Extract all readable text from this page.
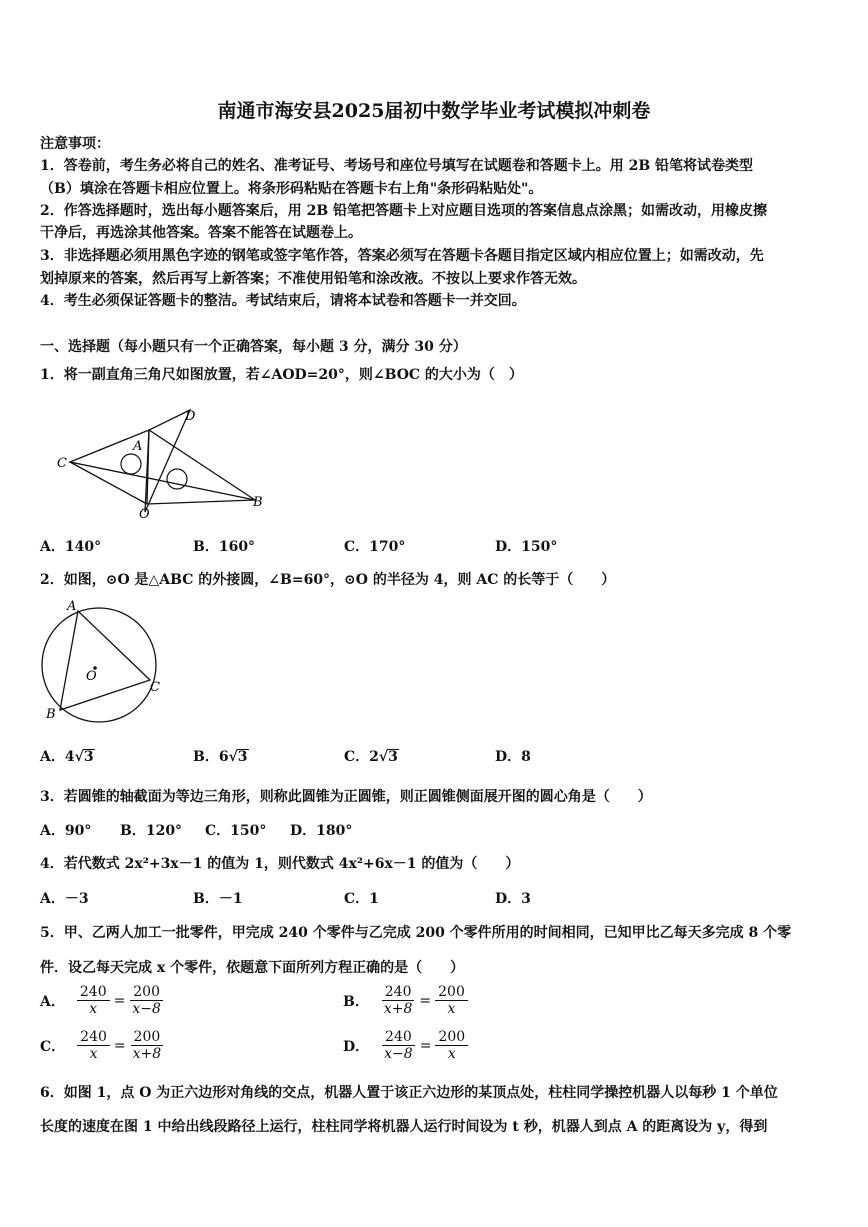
南通市海安县2025届初中数学毕业考试模拟冲刺卷
注意事项：
1．答卷前，考生务必将自己的姓名、准考证号、考场号和座位号填写在试题卷和答题卡上。用 2B 铅笔将试卷类型
（B）填涂在答题卡相应位置上。将条形码粘贴在答题卡右上角"条形码粘贴处"。
2．作答选择题时，选出每小题答案后，用 2B 铅笔把答题卡上对应题目选项的答案信息点涂黑；如需改动，用橡皮擦
干净后，再选涂其他答案。答案不能答在试题卷上。
3．非选择题必须用黑色字迹的钢笔或签字笔作答，答案必须写在答题卡各题目指定区域内相应位置上；如需改动，先
划掉原来的答案，然后再写上新答案；不准使用铅笔和涂改液。不按以上要求作答无效。
4．考生必须保证答题卡的整洁。考试结束后，请将本试卷和答题卡一并交回。
一、选择题（每小题只有一个正确答案，每小题 3 分，满分 30 分）
1．将一副直角三角尺如图放置，若∠AOD=20°，则∠BOC 的大小为（　）
C
A
D
B
O
A．140°	B．160°	C．170°	D．150°
2．如图，⊙O 是△ABC 的外接圆，∠B=60°，⊙O 的半径为 4，则 AC 的长等于（　　）
A
B
C
O
A．4√3	B．6√3	C．2√3	D．8
3．若圆锥的轴截面为等边三角形，则称此圆锥为正圆锥，则正圆锥侧面展开图的圆心角是（　　）
A．90° B．120° C．150° D．180°
4．若代数式 2x²+3x－1 的值为 1，则代数式 4x²+6x－1 的值为（　　）
A．－3	B．－1	C．1	D．3
5．甲、乙两人加工一批零件，甲完成 240 个零件与乙完成 200 个零件所用的时间相同，已知甲比乙每天多完成 8 个零
件．设乙每天完成 x 个零件，依题意下面所列方程正确的是（　　）
A． $\frac{240}{x} = \frac{200}{x-8}$	B． $\frac{240}{x+8} = \frac{200}{x}$
C． $\frac{240}{x} = \frac{200}{x+8}$	D． $\frac{240}{x-8} = \frac{200}{x}$
6．如图 1，点 O 为正六边形对角线的交点，机器人置于该正六边形的某顶点处，柱柱同学操控机器人以每秒 1 个单位
长度的速度在图 1 中给出线段路径上运行，柱柱同学将机器人运行时间设为 t 秒，机器人到点 A 的距离设为 y，得到
